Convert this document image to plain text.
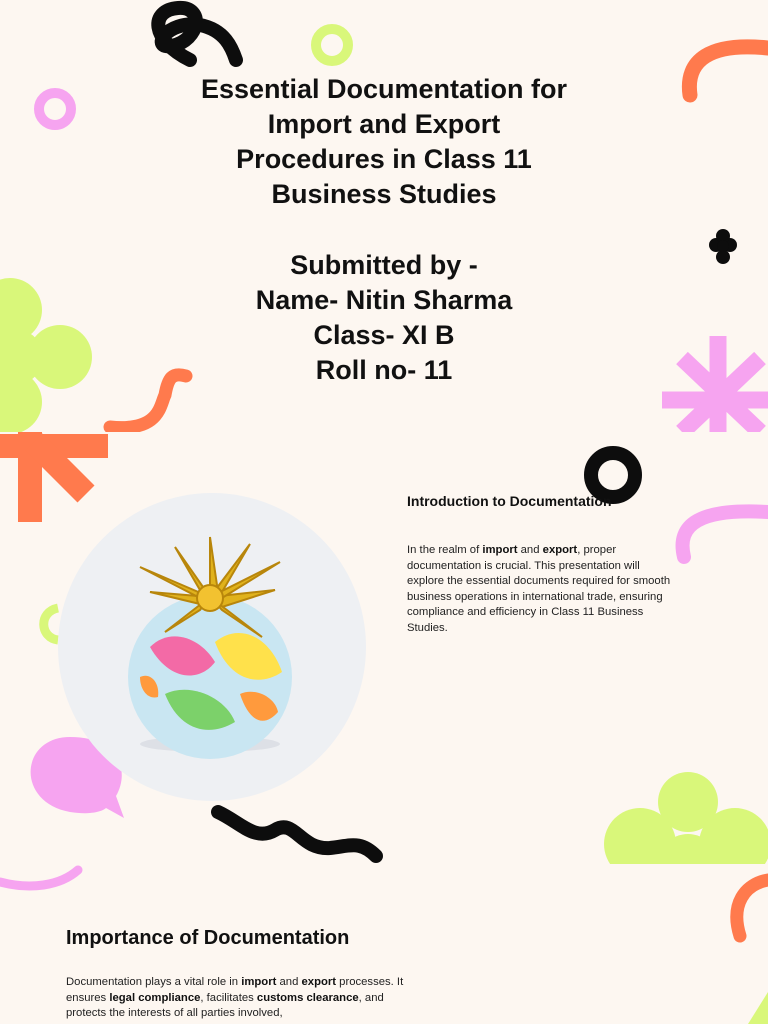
Essential Documentation for
Import and Export
Procedures in Class 11
Business Studies
Submitted by -
Name- Nitin Sharma
Class- XI B
Roll no- 11
Introduction to Documentation
In the realm of import and export, proper documentation is crucial. This presentation will explore the essential documents required for smooth business operations in international trade, ensuring compliance and efficiency in Class 11 Business Studies.
Importance of Documentation
Documentation plays a vital role in import and export processes. It ensures legal compliance, facilitates customs clearance, and protects the interests of all parties involved,
